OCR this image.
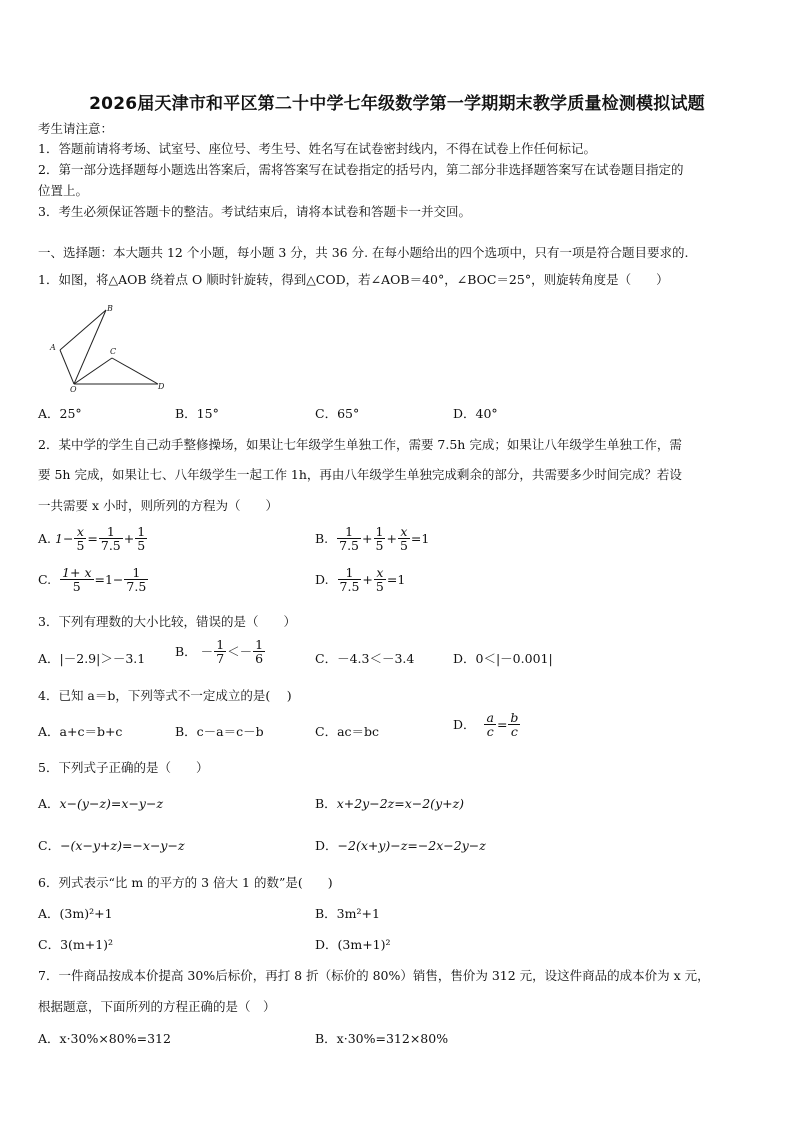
2026届天津市和平区第二十中学七年级数学第一学期期末教学质量检测模拟试题
考生请注意：
1．答题前请将考场、试室号、座位号、考生号、姓名写在试卷密封线内，不得在试卷上作任何标记。
2．第一部分选择题每小题选出答案后，需将答案写在试卷指定的括号内，第二部分非选择题答案写在试卷题目指定的
位置上。
3．考生必须保证答题卡的整洁。考试结束后，请将本试卷和答题卡一并交回。
一、选择题：本大题共 12 个小题，每小题 3 分，共 36 分. 在每小题给出的四个选项中，只有一项是符合题目要求的.
1．如图，将△AOB 绕着点 O 顺时针旋转，得到△COD，若∠AOB＝40°，∠BOC＝25°，则旋转角度是（　　）
A
B
C
O	D
A．25°	B．15°	C．65°	D．40°
2．某中学的学生自己动手整修操场，如果让七年级学生单独工作，需要 7.5h 完成；如果让八年级学生单独工作，需
要 5h 完成，如果让七、八年级学生一起工作 1h，再由八年级学生单独完成剩余的部分，共需要多少时间完成？若设
一共需要 x 小时，则所列的方程为（　　）
A.
$1- \frac{x}{5} = \frac{1}{7.5} + \frac{1}{5}$	B.
$\frac{1}{7.5} + \frac{1}{5} + \frac{x}{5} =1$
C.
$\frac{1+ x}{5} =1- \frac{1}{7.5}$	D.
$\frac{1}{7.5} + \frac{x}{5} =1$
3．下列有理数的大小比较，错误的是（　　）
A．|－2.9|＞－3.1 B．
－ $\frac{1}{7} <- \frac{1}{6}$	C．－4.3＜－3.4	D．0＜|－0.001|
4．已知 a＝b，下列等式不一定成立的是(　 )
A．a+c＝b+c	B．c－a＝c－b	C．ac＝bc	D．
$\frac{a}{c} = \frac{b}{c}$
5．下列式子正确的是（　　）
A．x−(y−z)=x−y−z	B．x+2y−2z=x−2(y+z)
C．−(x−y+z)=−x−y−z	D．−2(x+y)−z=−2x−2y−z
6．列式表示“比 m 的平方的 3 倍大 1 的数”是(　　)
A．(3m)²+1	B．3m²+1
C．3(m+1)²	D．(3m+1)²
7．一件商品按成本价提高 30%后标价，再打 8 折（标价的 80%）销售，售价为 312 元，设这件商品的成本价为 x 元，
根据题意，下面所列的方程正确的是（　）
A．x·30%×80%=312	B．x·30%=312×80%
